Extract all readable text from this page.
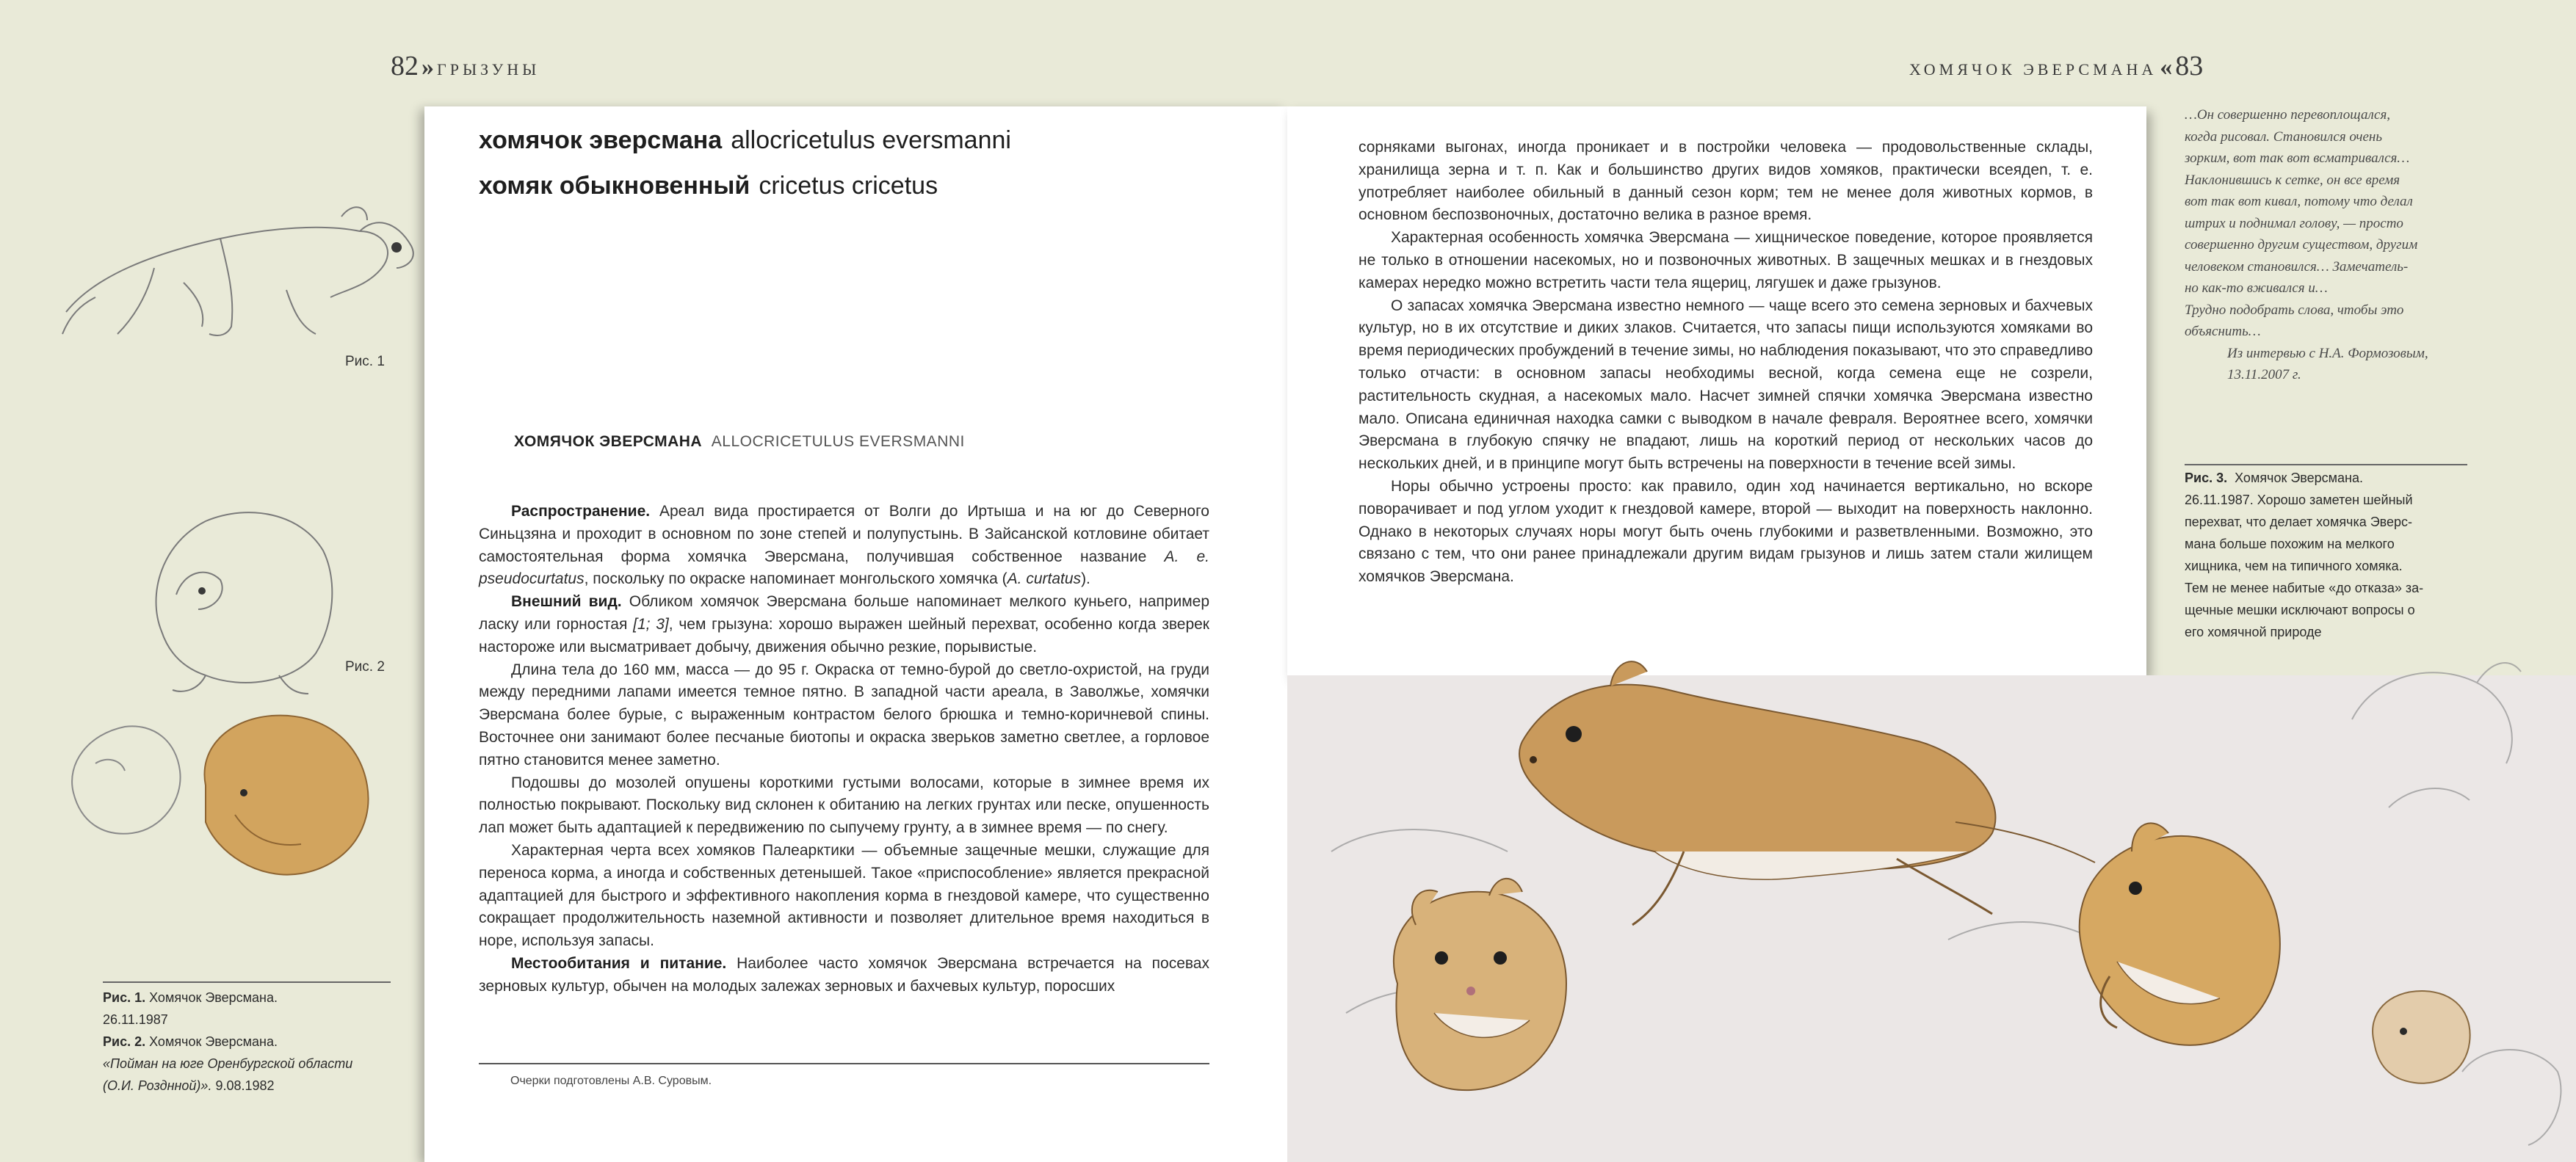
82 » ГРЫЗУНЫ	ХОМЯЧОК ЭВЕРСМАНА « 83
Рис. 1
Рис. 2
Рис. 1. Хомячок Эверсмана.
26.11.1987
Рис. 2. Хомячок Эверсмана.
«Пойман на юге Оренбургской области
(О.И. Розднной)». 9.08.1982
хомячок эверсмана allocricetulus eversmanni
хомяк обыкновенный cricetus cricetus
ХОМЯЧОК ЭВЕРСМАНА ALLOCRICETULUS EVERSMANNI

Распространение. Ареал вида простирается от Волги до Иртыша и на юг до Северного Синьцзяна и проходит в основном по зоне степей и полупустынь. В Зайсанской котловине обитает самостоятельная форма хомячка Эверсмана, получившая собственное название A. e. pseudocurtatus, поскольку по окраске напоминает монгольского хомячка (A. curtatus).

Внешний вид. Обликом хомячок Эверсмана больше напоминает мелкого куньего, например ласку или горностая [1; 3], чем грызуна: хорошо выражен шейный перехват, особенно когда зверек настороже или высматривает добычу, движения обычно резкие, порывистые.

Длина тела до 160 мм, масса — до 95 г. Окраска от темно-бурой до светло-охристой, на груди между передними лапами имеется темное пятно. В западной части ареала, в Заволжье, хомячки Эверсмана более бурые, с выраженным контрастом белого брюшка и темно-коричневой спины. Восточнее они занимают более песчаные биотопы и окраска зверьков заметно светлее, а горловое пятно становится менее заметно.

Подошвы до мозолей опушены короткими густыми волосами, которые в зимнее время их полностью покрывают. Поскольку вид склонен к обитанию на легких грунтах или песке, опушенность лап может быть адаптацией к передвижению по сыпучему грунту, а в зимнее время — по снегу.

Характерная черта всех хомяков Палеарктики — объемные защечные мешки, служащие для переноса корма, а иногда и собственных детенышей. Такое «приспособление» является прекрасной адаптацией для быстрого и эффективного накопления корма в гнездовой камере, что существенно сокращает продолжительность наземной активности и позволяет длительное время находиться в норе, используя запасы.

Местообитания и питание. Наиболее часто хомячок Эверсмана встречается на посевах зерновых культур, обычен на молодых залежах зерновых и бахчевых культур, поросших

Очерки подготовлены А.В. Суровым.

сорняками выгонах, иногда проникает и в постройки человека — продовольственные склады, хранилища зерна и т. п. Как и большинство других видов хомяков, практически всеядеn, т. е. употребляет наиболее обильный в данный сезон корм; тем не менее доля животных кормов, в основном беспозвоночных, достаточно велика в разное время.

Характерная особенность хомячка Эверсмана — хищническое поведение, которое проявляется не только в отношении насекомых, но и позвоночных животных. В защечных мешках и в гнездовых камерах нередко можно встретить части тела ящериц, лягушек и даже грызунов.

О запасах хомячка Эверсмана известно немного — чаще всего это семена зерновых и бахчевых культур, но в их отсутствие и диких злаков. Считается, что запасы пищи используются хомяками во время периодических пробуждений в течение зимы, но наблюдения показывают, что это справедливо только отчасти: в основном запасы необходимы весной, когда семена еще не созрели, растительность скудная, а насекомых мало. Насчет зимней спячки хомячка Эверсмана известно мало. Описана единичная находка самки с выводком в начале февраля. Вероятнее всего, хомячки Эверсмана в глубокую спячку не впадают, лишь на короткий период от нескольких часов до нескольких дней, и в принципе могут быть встречены на поверхности в течение всей зимы.

Норы обычно устроены просто: как правило, один ход начинается вертикально, но вскоре поворачивает и под углом уходит к гнездовой камере, второй — выходит на поверхность наклонно. Однако в некоторых случаях норы могут быть очень глубокими и разветвленными. Возможно, это связано с тем, что они ранее принадлежали другим видам грызунов и лишь затем стали жилищем хомячков Эверсмана.

…Он совершенно перевоплощался,
когда рисовал. Становился очень
зорким, вот так вот всматривался…
Наклонившись к сетке, он все время
вот так вот кивал, потому что делал
штрих и поднимал голову, — просто
совершенно другим существом, другим
человеком становился… Замечатель-
но как-то вживался и…
Трудно подобрать слова, чтобы это
объяснить…
Из интервью с Н.А. Формозовым,
13.11.2007 г.
Рис. 3. Хомячок Эверсмана.
26.11.1987. Хорошо заметен шейный
перехват, что делает хомячка Эверс-
мана больше похожим на мелкого
хищника, чем на типичного хомяка.
Тем не менее набитые «до отказа» за-
щечные мешки исключают вопросы о
его хомячной природе
